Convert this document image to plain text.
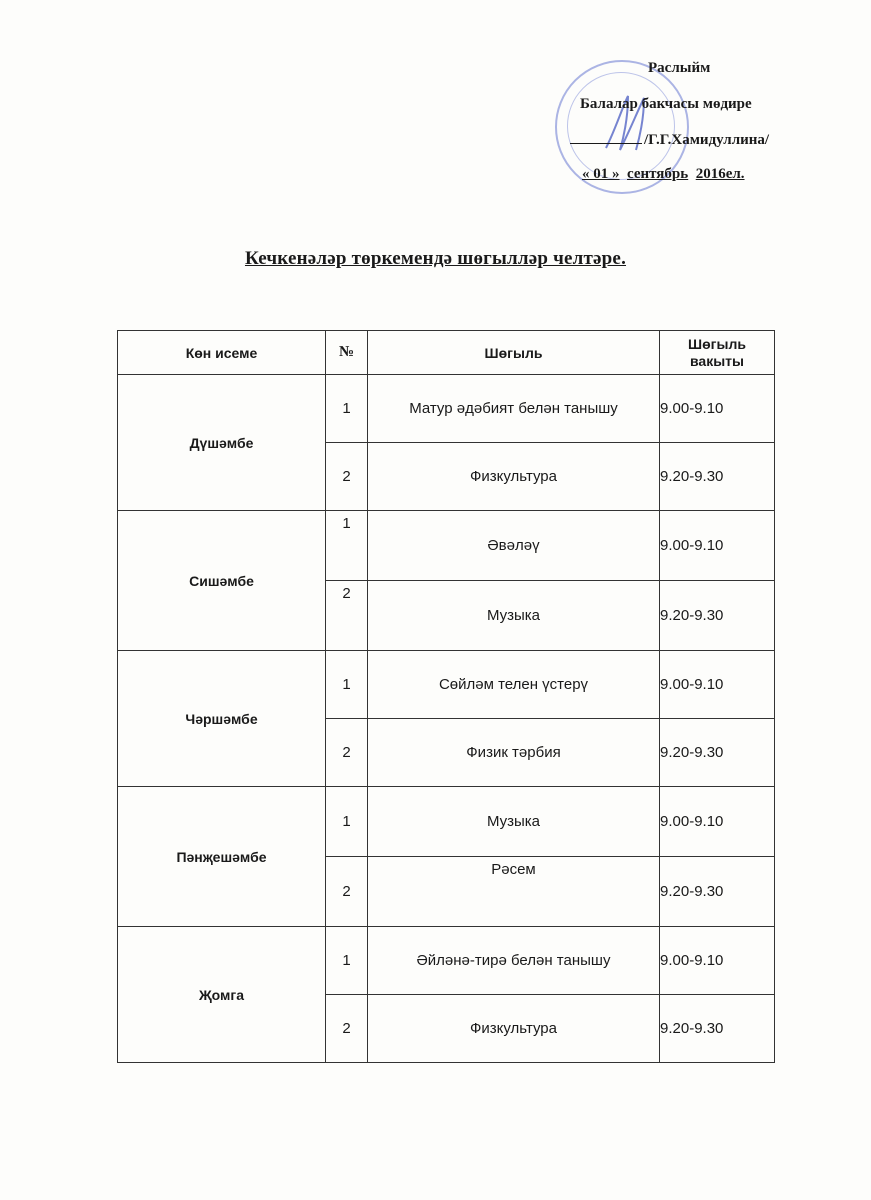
Раслыйм
Балалар бакчасы мөдире
/Г.Г.Хамидуллина/
« 01 » сентябрь 2016ел.
Кечкенәләр төркемендә шөгылләр челтәре.
Көн исеме	№	Шөгыль	Шөгыль вакыты
Дүшәмбе	1	Матур әдәбият белән танышу	9.00-9.10
	2	Физкультура	9.20-9.30
Сишәмбе	1	Әвәләү	9.00-9.10
	2	Музыка	9.20-9.30
Чәршәмбе	1	Сөйләм телен үстерү	9.00-9.10
	2	Физик тәрбия	9.20-9.30
Пәнҗешәмбе	1	Музыка	9.00-9.10
	2	Рәсем	9.20-9.30
Җомга	1	Әйләнә-тирә белән танышу	9.00-9.10
	2	Физкультура	9.20-9.30
